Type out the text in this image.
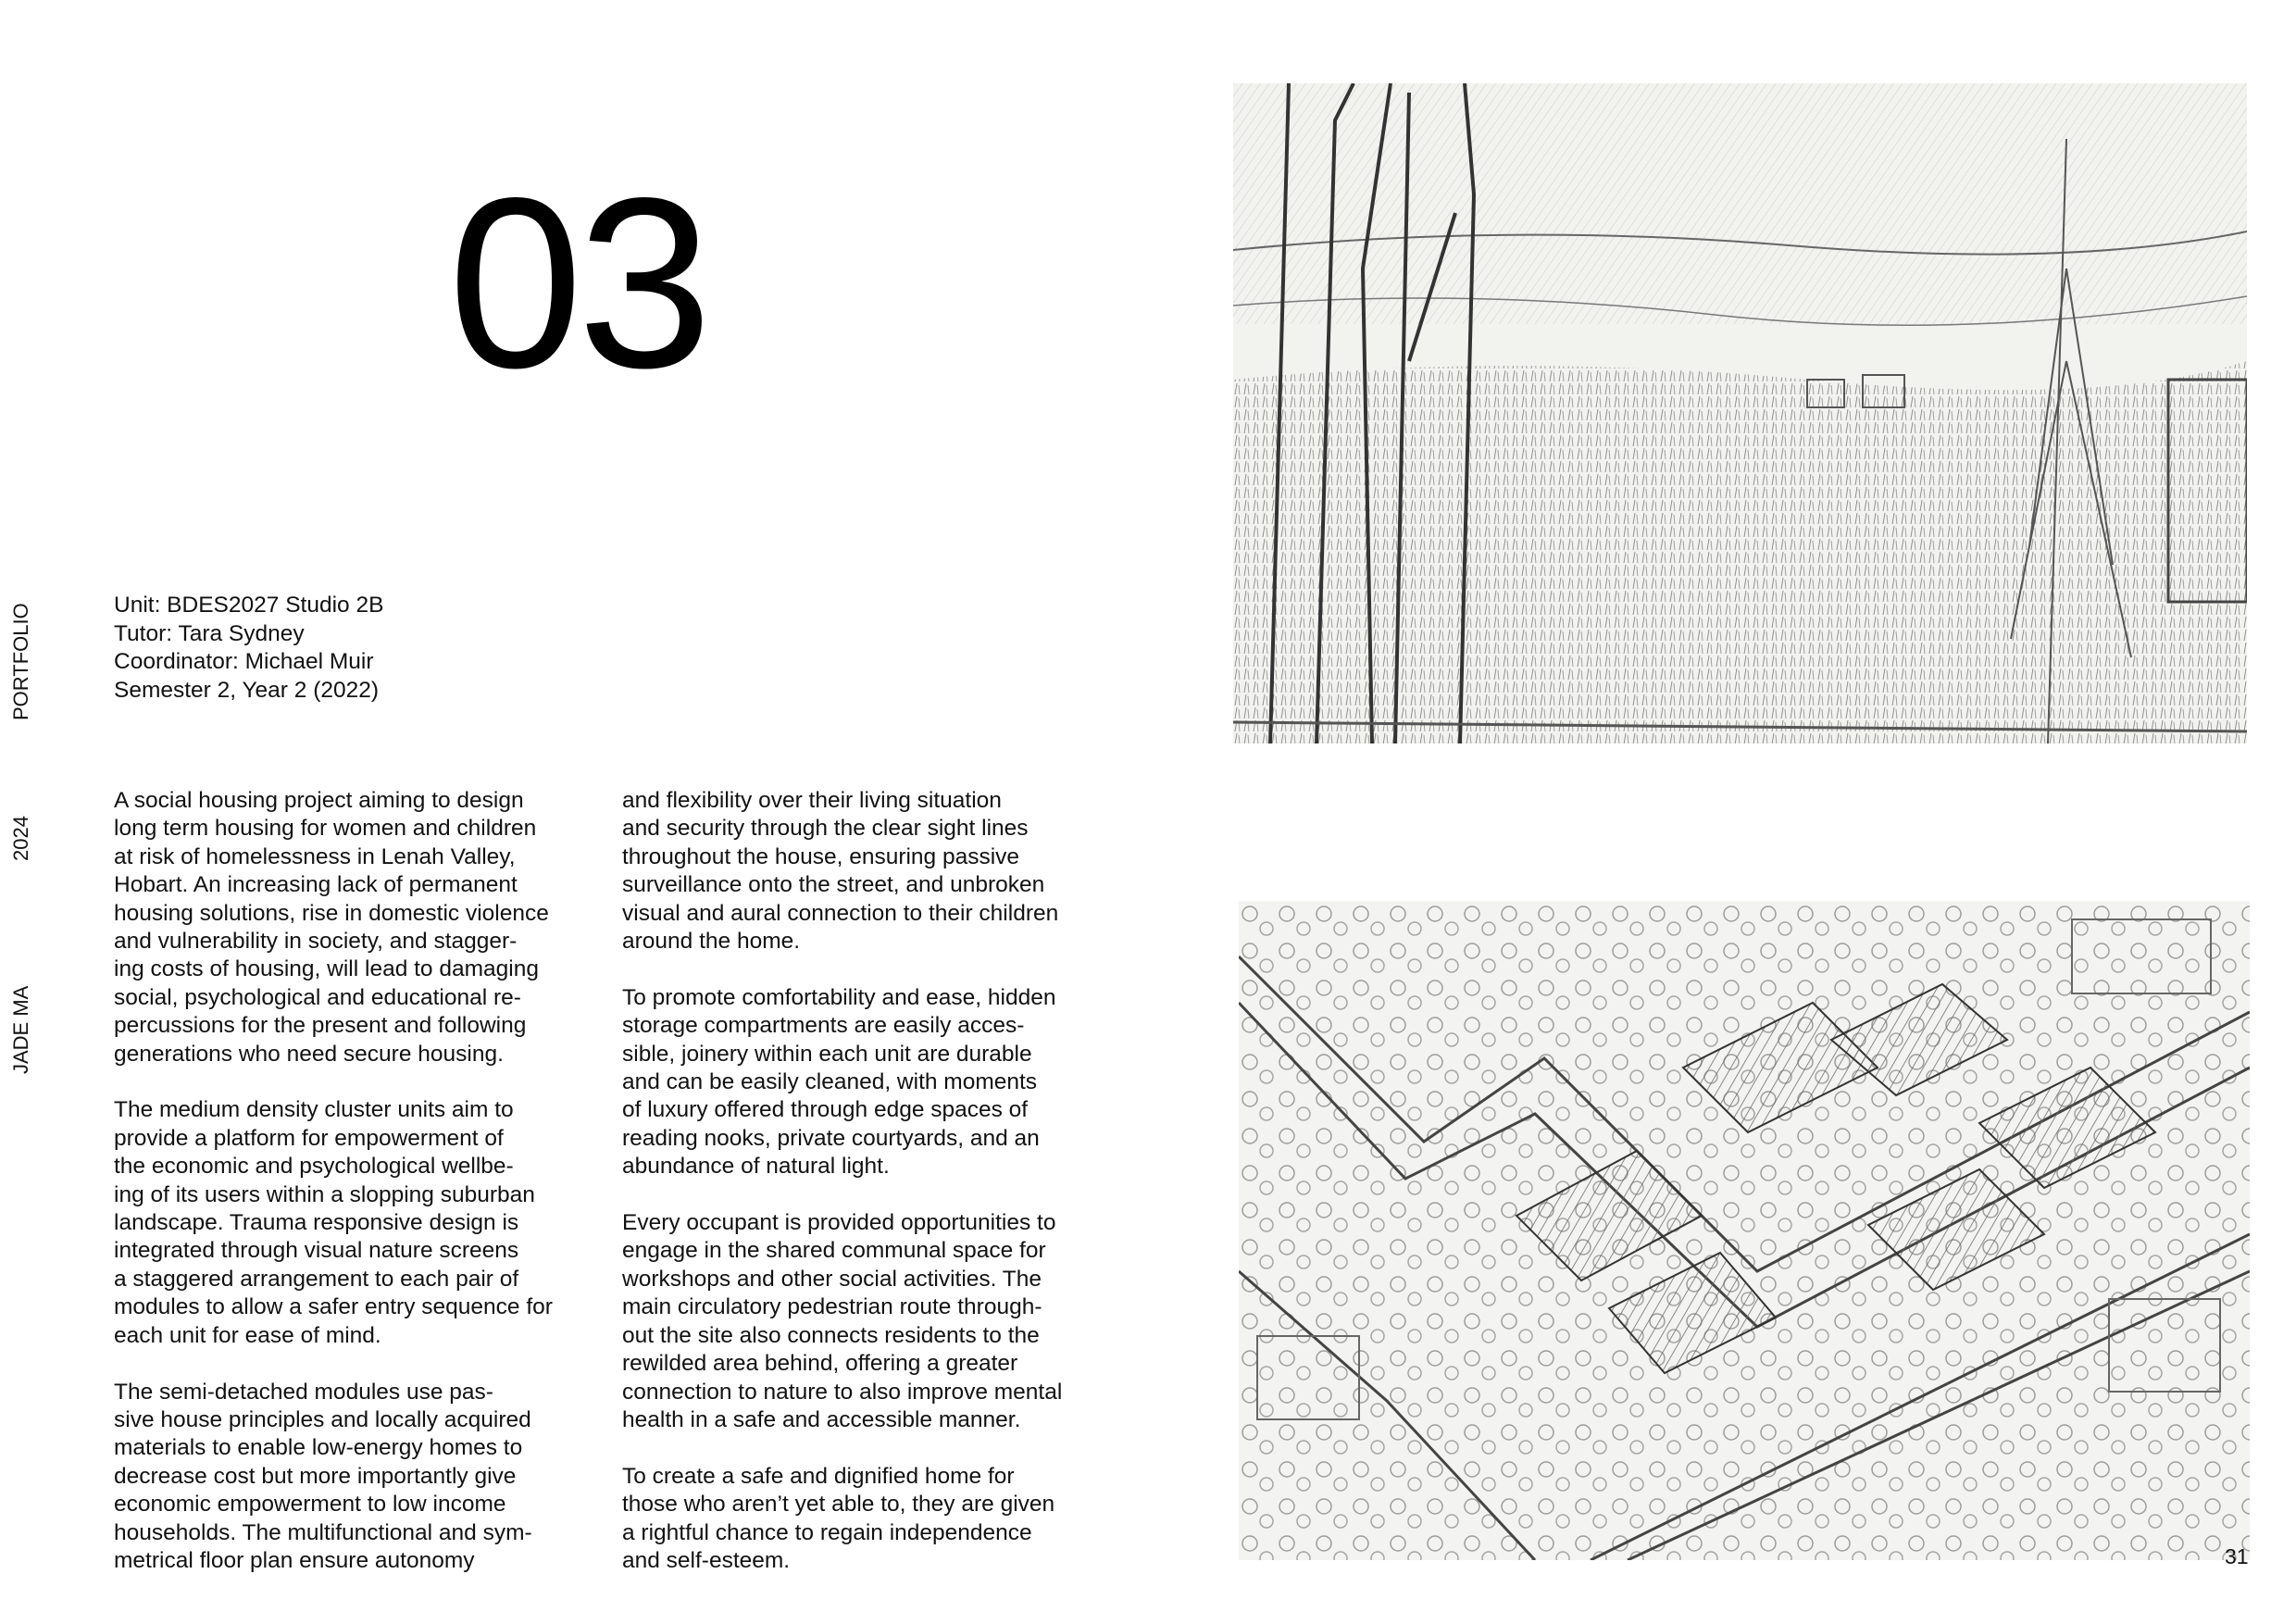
03
PORTFOLIO
2024
JADE MA
Unit: BDES2027 Studio 2B
Tutor: Tara Sydney
Coordinator: Michael Muir
Semester 2, Year 2 (2022)

A social housing project aiming to design
long term housing for women and children
at risk of homelessness in Lenah Valley,
Hobart. An increasing lack of permanent
housing solutions, rise in domestic violence
and vulnerability in society, and stagger-
ing costs of housing, will lead to damaging
social, psychological and educational re-
percussions for the present and following
generations who need secure housing.

The medium density cluster units aim to
provide a platform for empowerment of
the economic and psychological wellbe-
ing of its users within a slopping suburban
landscape. Trauma responsive design is
integrated through visual nature screens
a staggered arrangement to each pair of
modules to allow a safer entry sequence for
each unit for ease of mind.

The semi-detached modules use pas-
sive house principles and locally acquired
materials to enable low-energy homes to
decrease cost but more importantly give
economic empowerment to low income
households. The multifunctional and sym-
metrical floor plan ensure autonomy

and flexibility over their living situation
and security through the clear sight lines
throughout the house, ensuring passive
surveillance onto the street, and unbroken
visual and aural connection to their children
around the home.

To promote comfortability and ease, hidden
storage compartments are easily acces-
sible, joinery within each unit are durable
and can be easily cleaned, with moments
of luxury offered through edge spaces of
reading nooks, private courtyards, and an
abundance of natural light.

Every occupant is provided opportunities to
engage in the shared communal space for
workshops and other social activities. The
main circulatory pedestrian route through-
out the site also connects residents to the
rewilded area behind, offering a greater
connection to nature to also improve mental
health in a safe and accessible manner.

To create a safe and dignified home for
those who aren’t yet able to, they are given
a rightful chance to regain independence
and self-esteem.	31
